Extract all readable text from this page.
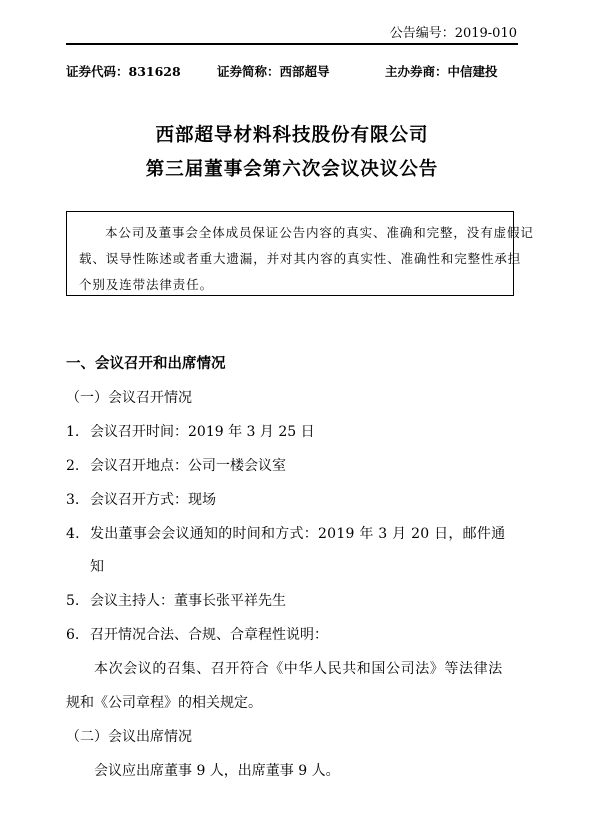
公告编号：2019-010
证券代码：831628	证券简称：西部超导	主办券商：中信建投
西部超导材料科技股份有限公司
第三届董事会第六次会议决议公告
本公司及董事会全体成员保证公告内容的真实、准确和完整，没有虚假记
载、误导性陈述或者重大遗漏，并对其内容的真实性、准确性和完整性承担
个别及连带法律责任。
一、会议召开和出席情况
（一）会议召开情况
1. 会议召开时间：2019 年 3 月 25 日
2. 会议召开地点：公司一楼会议室
3. 会议召开方式：现场
4. 发出董事会会议通知的时间和方式：2019 年 3 月 20 日，邮件通
知
5. 会议主持人：董事长张平祥先生
6. 召开情况合法、合规、合章程性说明：
本次会议的召集、召开符合《中华人民共和国公司法》等法律法
规和《公司章程》的相关规定。
（二）会议出席情况
会议应出席董事 9 人，出席董事 9 人。
